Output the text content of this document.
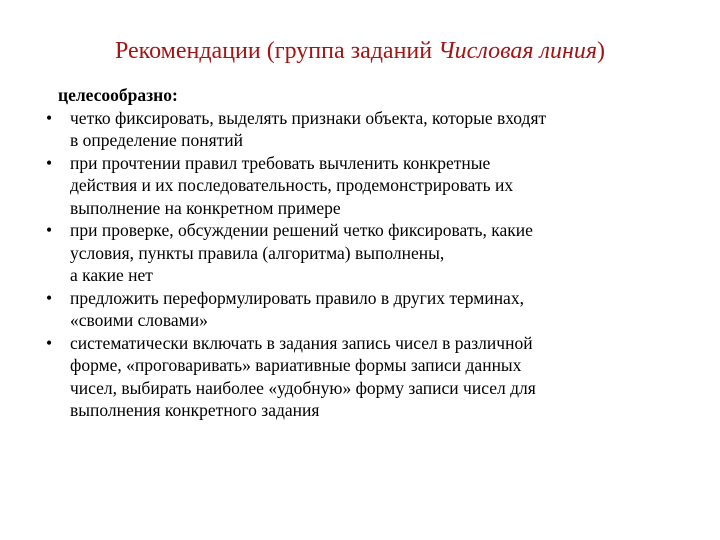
Рекомендации (группа заданий Числовая линия)
целесообразно:
• четко фиксировать, выделять признаки объекта, которые входят
в определение понятий
• при прочтении правил требовать вычленить конкретные
действия и их последовательность, продемонстрировать их
выполнение на конкретном примере
• при проверке, обсуждении решений четко фиксировать, какие
условия, пункты правила (алгоритма) выполнены,
а какие нет
• предложить переформулировать правило в других терминах,
«своими словами»
• систематически включать в задания запись чисел в различной
форме, «проговаривать» вариативные формы записи данных
чисел, выбирать наиболее «удобную» форму записи чисел для
выполнения конкретного задания
